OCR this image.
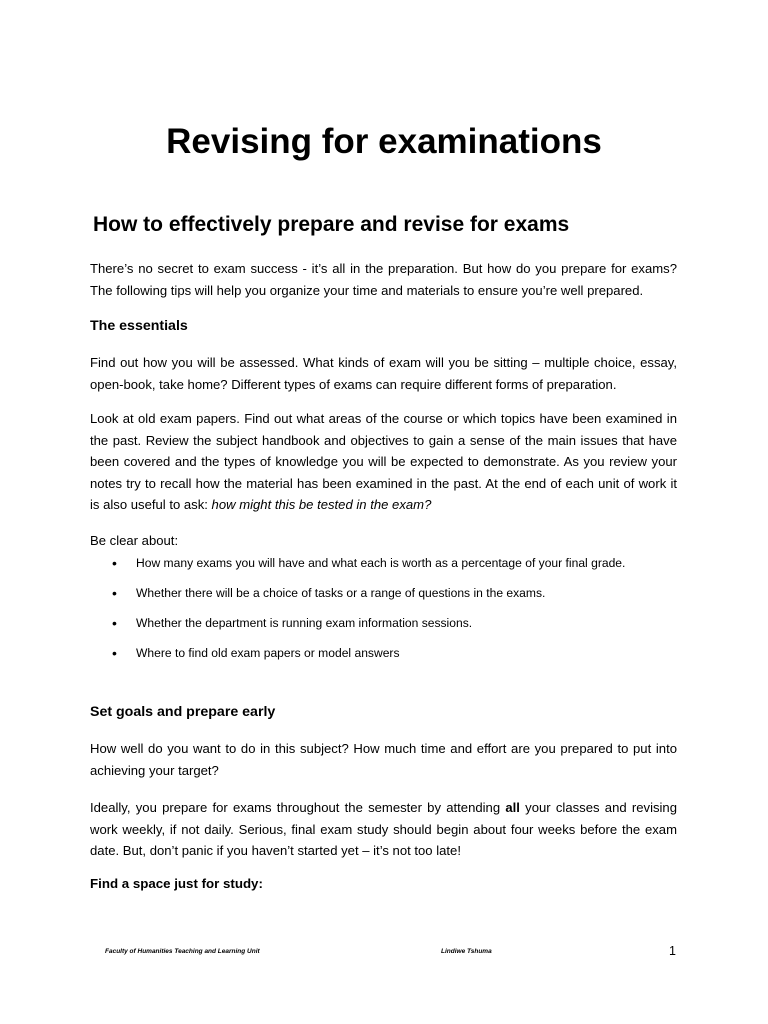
Revising for examinations
How to effectively prepare and revise for exams

There’s no secret to exam success - it’s all in the preparation. But how do you prepare for exams? The following tips will help you organize your time and materials to ensure you’re well prepared.

The essentials

Find out how you will be assessed. What kinds of exam will you be sitting – multiple choice, essay, open-book, take home? Different types of exams can require different forms of preparation.

Look at old exam papers. Find out what areas of the course or which topics have been examined in the past. Review the subject handbook and objectives to gain a sense of the main issues that have been covered and the types of knowledge you will be expected to demonstrate. As you review your notes try to recall how the material has been examined in the past. At the end of each unit of work it is also useful to ask: how might this be tested in the exam?

Be clear about:

• How many exams you will have and what each is worth as a percentage of your final grade.
• Whether there will be a choice of tasks or a range of questions in the exams.
• Whether the department is running exam information sessions.
• Where to find old exam papers or model answers
Set goals and prepare early

How well do you want to do in this subject? How much time and effort are you prepared to put into achieving your target?

Ideally, you prepare for exams throughout the semester by attending all your classes and revising work weekly, if not daily. Serious, final exam study should begin about four weeks before the exam date. But, don’t panic if you haven’t started yet – it’s not too late!

Find a space just for study:
Faculty of Humanities Teaching and Learning Unit	Lindiwe Tshuma	1
